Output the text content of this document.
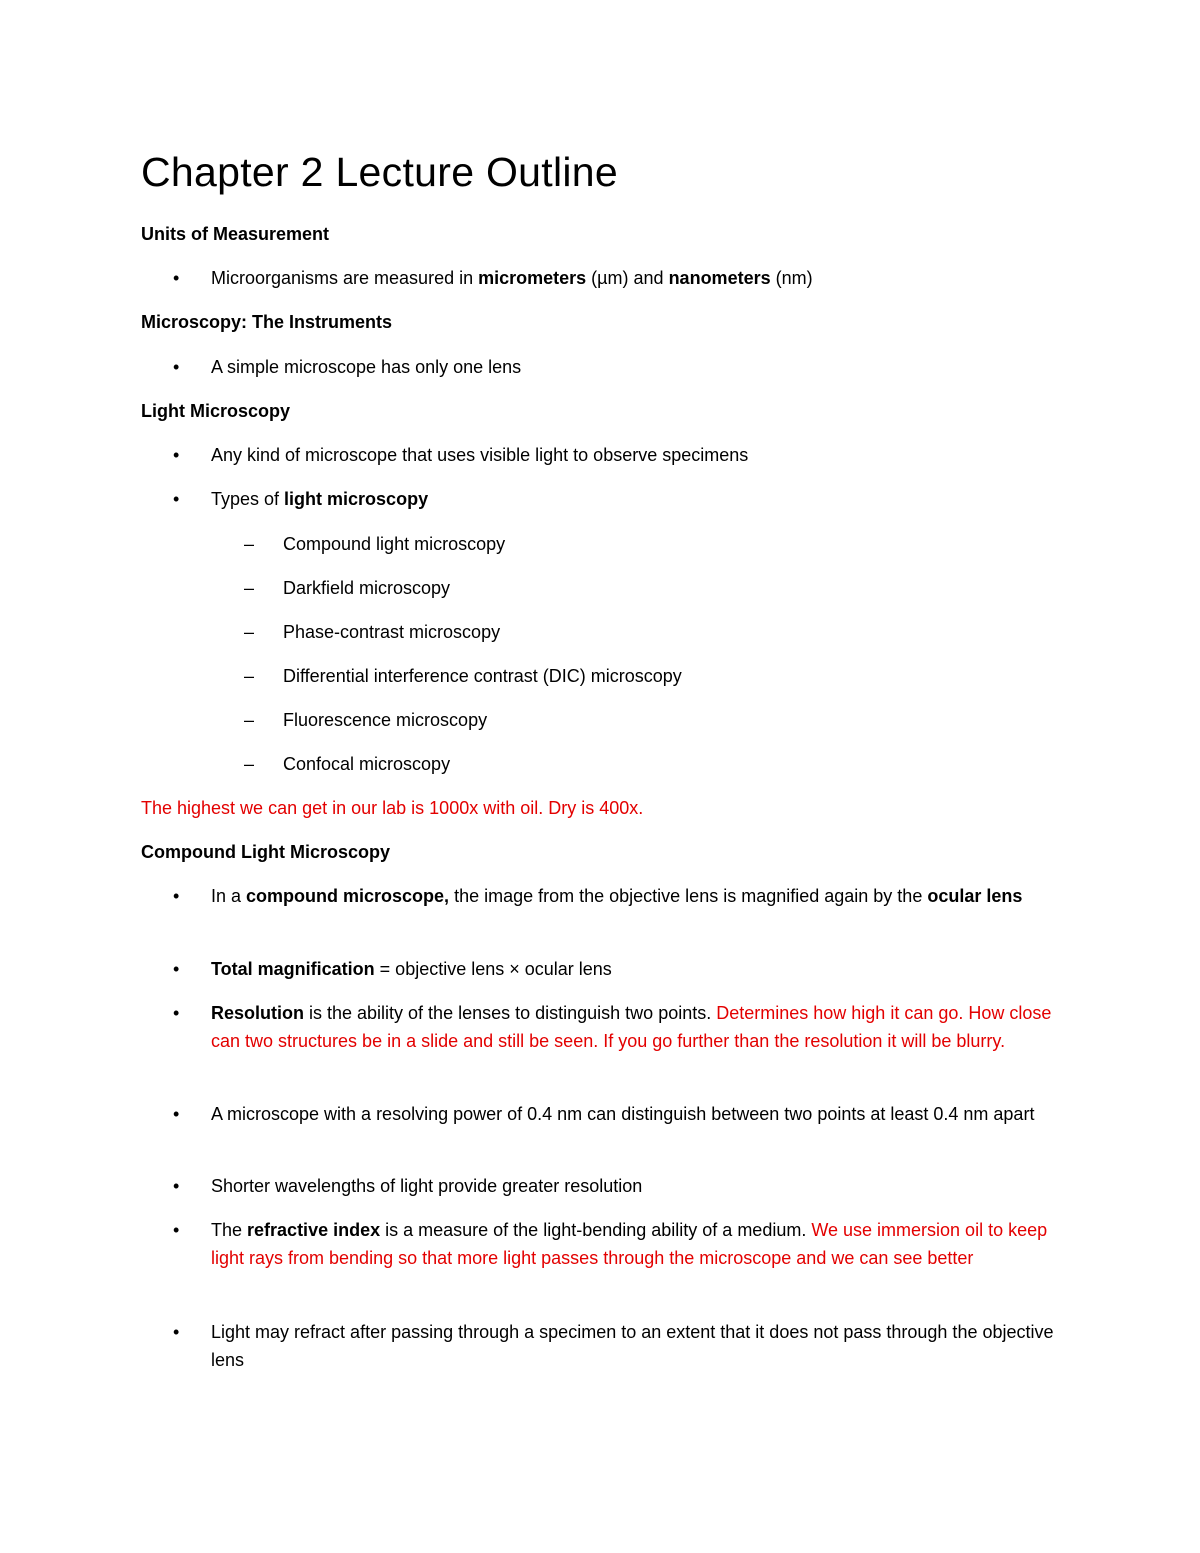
Chapter 2 Lecture Outline
Units of Measurement
• Microorganisms are measured in micrometers (µm) and nanometers (nm)
Microscopy: The Instruments
• A simple microscope has only one lens
Light Microscopy
• Any kind of microscope that uses visible light to observe specimens
• Types of light microscopy
– Compound light microscopy
– Darkfield microscopy
– Phase-contrast microscopy
– Differential interference contrast (DIC) microscopy
– Fluorescence microscopy
– Confocal microscopy
The highest we can get in our lab is 1000x with oil. Dry is 400x.
Compound Light Microscopy
• In a compound microscope, the image from the objective lens is magnified again by the ocular lens
• Total magnification = objective lens × ocular lens
• Resolution is the ability of the lenses to distinguish two points. Determines how high it can go. How close can two structures be in a slide and still be seen. If you go further than the resolution it will be blurry.
• A microscope with a resolving power of 0.4 nm can distinguish between two points at least 0.4 nm apart
• Shorter wavelengths of light provide greater resolution
• The refractive index is a measure of the light-bending ability of a medium. We use immersion oil to keep light rays from bending so that more light passes through the microscope and we can see better
• Light may refract after passing through a specimen to an extent that it does not pass through the objective lens
